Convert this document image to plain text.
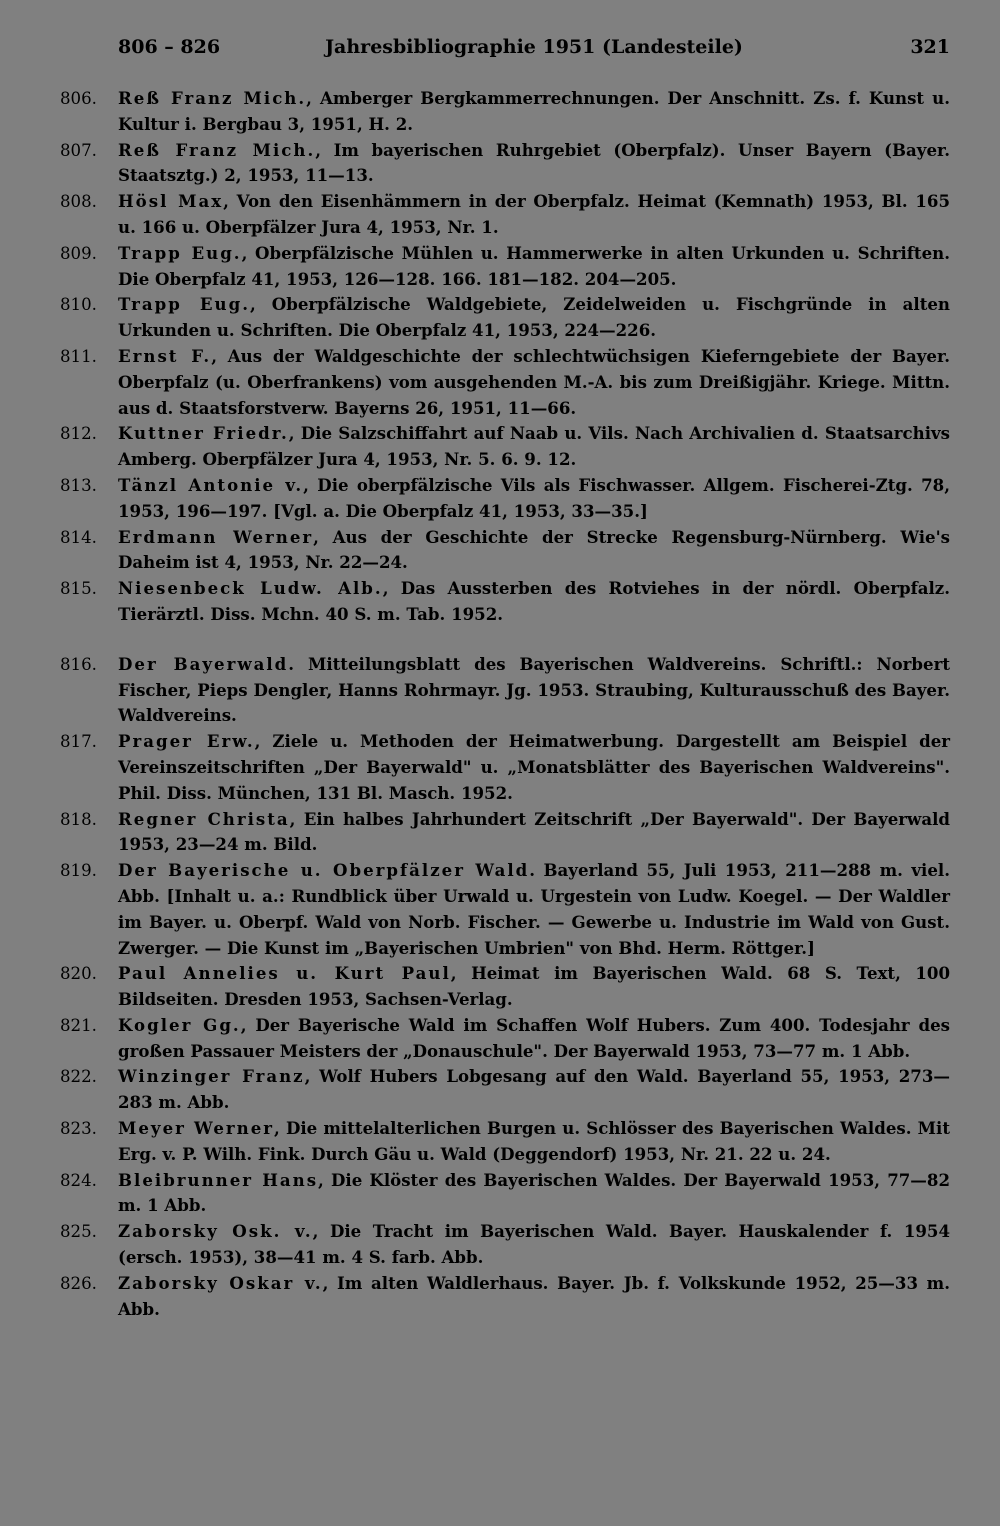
806 – 826	Jahresbibliographie 1951 (Landesteile)	321
806.	Reß Franz Mich., Amberger Bergkammerrechnungen. Der Anschnitt. Zs. f. Kunst u. Kultur i. Bergbau 3, 1951, H. 2.
807.	Reß Franz Mich., Im bayerischen Ruhrgebiet (Oberpfalz). Unser Bayern (Bayer. Staatsztg.) 2, 1953, 11—13.
808.	Hösl Max, Von den Eisenhämmern in der Oberpfalz. Heimat (Kemnath) 1953, Bl. 165 u. 166 u. Oberpfälzer Jura 4, 1953, Nr. 1.
809.	Trapp Eug., Oberpfälzische Mühlen u. Hammerwerke in alten Urkunden u. Schriften. Die Oberpfalz 41, 1953, 126—128. 166. 181—182. 204—205.
810.	Trapp Eug., Oberpfälzische Waldgebiete, Zeidelweiden u. Fischgründe in alten Urkunden u. Schriften. Die Oberpfalz 41, 1953, 224—226.
811.	Ernst F., Aus der Waldgeschichte der schlechtwüchsigen Kieferngebiete der Bayer. Oberpfalz (u. Oberfrankens) vom ausgehenden M.-A. bis zum Dreißigjähr. Kriege. Mittn. aus d. Staatsforstverw. Bayerns 26, 1951, 11—66.
812.	Kuttner Friedr., Die Salzschiffahrt auf Naab u. Vils. Nach Archivalien d. Staatsarchivs Amberg. Oberpfälzer Jura 4, 1953, Nr. 5. 6. 9. 12.
813.	Tänzl Antonie v., Die oberpfälzische Vils als Fischwasser. Allgem. Fischerei-Ztg. 78, 1953, 196—197. [Vgl. a. Die Oberpfalz 41, 1953, 33—35.]
814.	Erdmann Werner, Aus der Geschichte der Strecke Regensburg-Nürnberg. Wie's Daheim ist 4, 1953, Nr. 22—24.
815.	Niesenbeck Ludw. Alb., Das Aussterben des Rotviehes in der nördl. Oberpfalz. Tierärztl. Diss. Mchn. 40 S. m. Tab. 1952.
816.	Der Bayerwald. Mitteilungsblatt des Bayerischen Waldvereins. Schriftl.: Norbert Fischer, Pieps Dengler, Hanns Rohrmayr. Jg. 1953. Straubing, Kulturausschuß des Bayer. Waldvereins.
817.	Prager Erw., Ziele u. Methoden der Heimatwerbung. Dargestellt am Beispiel der Vereinszeitschriften „Der Bayerwald" u. „Monatsblätter des Bayerischen Waldvereins". Phil. Diss. München, 131 Bl. Masch. 1952.
818.	Regner Christa, Ein halbes Jahrhundert Zeitschrift „Der Bayerwald". Der Bayerwald 1953, 23—24 m. Bild.
819.	Der Bayerische u. Oberpfälzer Wald. Bayerland 55, Juli 1953, 211—288 m. viel. Abb. [Inhalt u. a.: Rundblick über Urwald u. Urgestein von Ludw. Koegel. — Der Waldler im Bayer. u. Oberpf. Wald von Norb. Fischer. — Gewerbe u. Industrie im Wald von Gust. Zwerger. — Die Kunst im „Bayerischen Umbrien" von Bhd. Herm. Röttger.]
820.	Paul Annelies u. Kurt Paul, Heimat im Bayerischen Wald. 68 S. Text, 100 Bildseiten. Dresden 1953, Sachsen-Verlag.
821.	Kogler Gg., Der Bayerische Wald im Schaffen Wolf Hubers. Zum 400. Todesjahr des großen Passauer Meisters der „Donauschule". Der Bayerwald 1953, 73—77 m. 1 Abb.
822.	Winzinger Franz, Wolf Hubers Lobgesang auf den Wald. Bayerland 55, 1953, 273—283 m. Abb.
823.	Meyer Werner, Die mittelalterlichen Burgen u. Schlösser des Bayerischen Waldes. Mit Erg. v. P. Wilh. Fink. Durch Gäu u. Wald (Deggendorf) 1953, Nr. 21. 22 u. 24.
824.	Bleibrunner Hans, Die Klöster des Bayerischen Waldes. Der Bayerwald 1953, 77—82 m. 1 Abb.
825.	Zaborsky Osk. v., Die Tracht im Bayerischen Wald. Bayer. Hauskalender f. 1954 (ersch. 1953), 38—41 m. 4 S. farb. Abb.
826.	Zaborsky Oskar v., Im alten Waldlerhaus. Bayer. Jb. f. Volkskunde 1952, 25—33 m. Abb.
